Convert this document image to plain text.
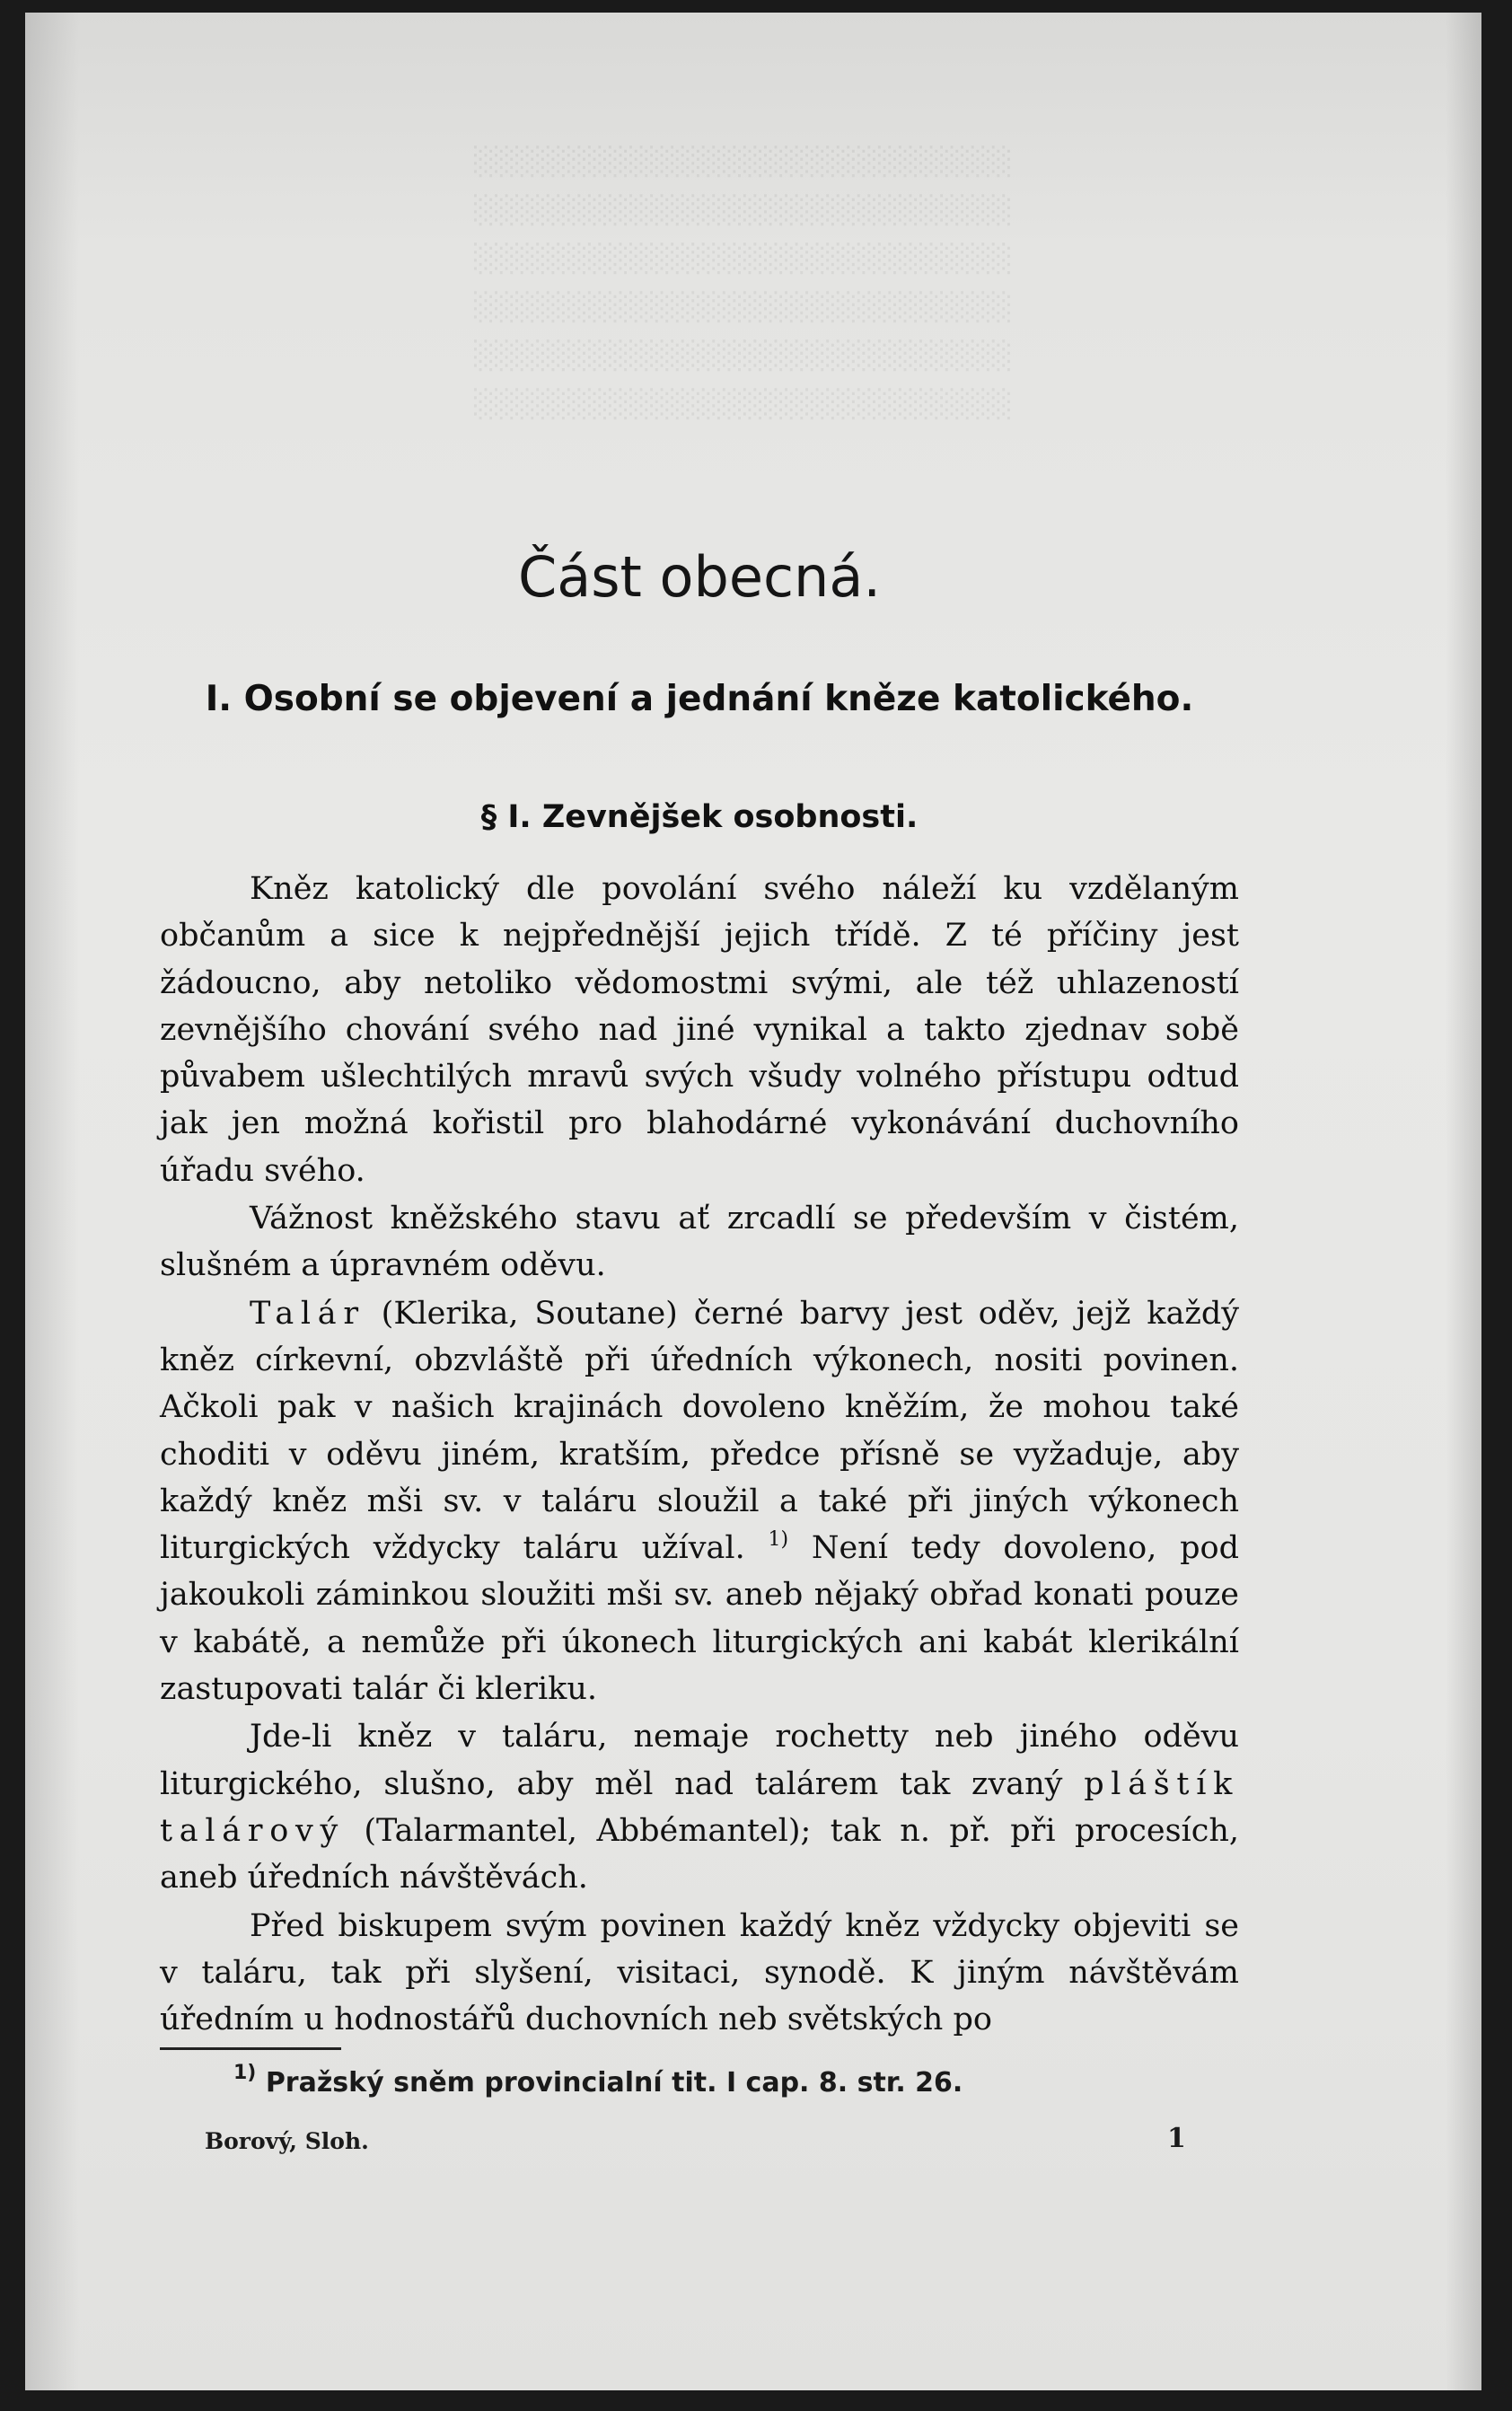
░░░░░░░░░░░░░░░░░░░░░░░░░░
░░░░░░░░░░░░░░░░░░░░░░░░░░
░░░░░░░░░░░░░░░░░░░░░░░░░░
░░░░░░░░░░░░░░░░░░░░░░░░░░
░░░░░░░░░░░░░░░░░░░░░░░░░░
░░░░░░░░░░░░░░░░░░░░░░░░░░
Část obecná.
I. Osobní se objevení a jednání kněze katolického.
§ I. Zevnějšek osobnosti.

Kněz katolický dle povolání svého náleží ku vzdělaným občanům a sice k nejpřednější jejich třídě. Z té příčiny jest žádoucno, aby netoliko vědomostmi svými, ale též uhlazeností zevnějšího chování svého nad jiné vynikal a takto zjednav sobě půvabem ušlechtilých mravů svých všudy volného přístupu odtud jak jen možná kořistil pro blahodárné vykonávání duchovního úřadu svého.

Vážnost kněžského stavu ať zrcadlí se především v čistém, slušném a úpravném oděvu.

Talár (Klerika, Soutane) černé barvy jest oděv, jejž každý kněz církevní, obzvláště při úředních výkonech, nositi povinen. Ačkoli pak v našich krajinách dovoleno kněžím, že mohou také choditi v oděvu jiném, kratším, předce přísně se vyžaduje, aby každý kněz mši sv. v taláru sloužil a také při jiných výkonech liturgických vždycky taláru užíval. $^{1)}$ Není tedy dovoleno, pod jakoukoli záminkou sloužiti mši sv. aneb nějaký obřad konati pouze v kabátě, a nemůže při úkonech liturgických ani kabát klerikální zastupovati talár či kleriku.

Jde-li kněz v taláru, nemaje rochetty neb jiného oděvu liturgického, slušno, aby měl nad talárem tak zvaný pláštík talárový (Talarmantel, Abbémantel); tak n. př. při procesích, aneb úředních návštěvách.

Před biskupem svým povinen každý kněz vždycky objeviti se v taláru, tak při slyšení, visitaci, synodě. K jiným návštěvám úředním u hodnostářů duchovních neb světských po

$^{1)}$ Pražský sněm provincialní tit. I cap. 8. str. 26.
Borový, Sloh.	1
